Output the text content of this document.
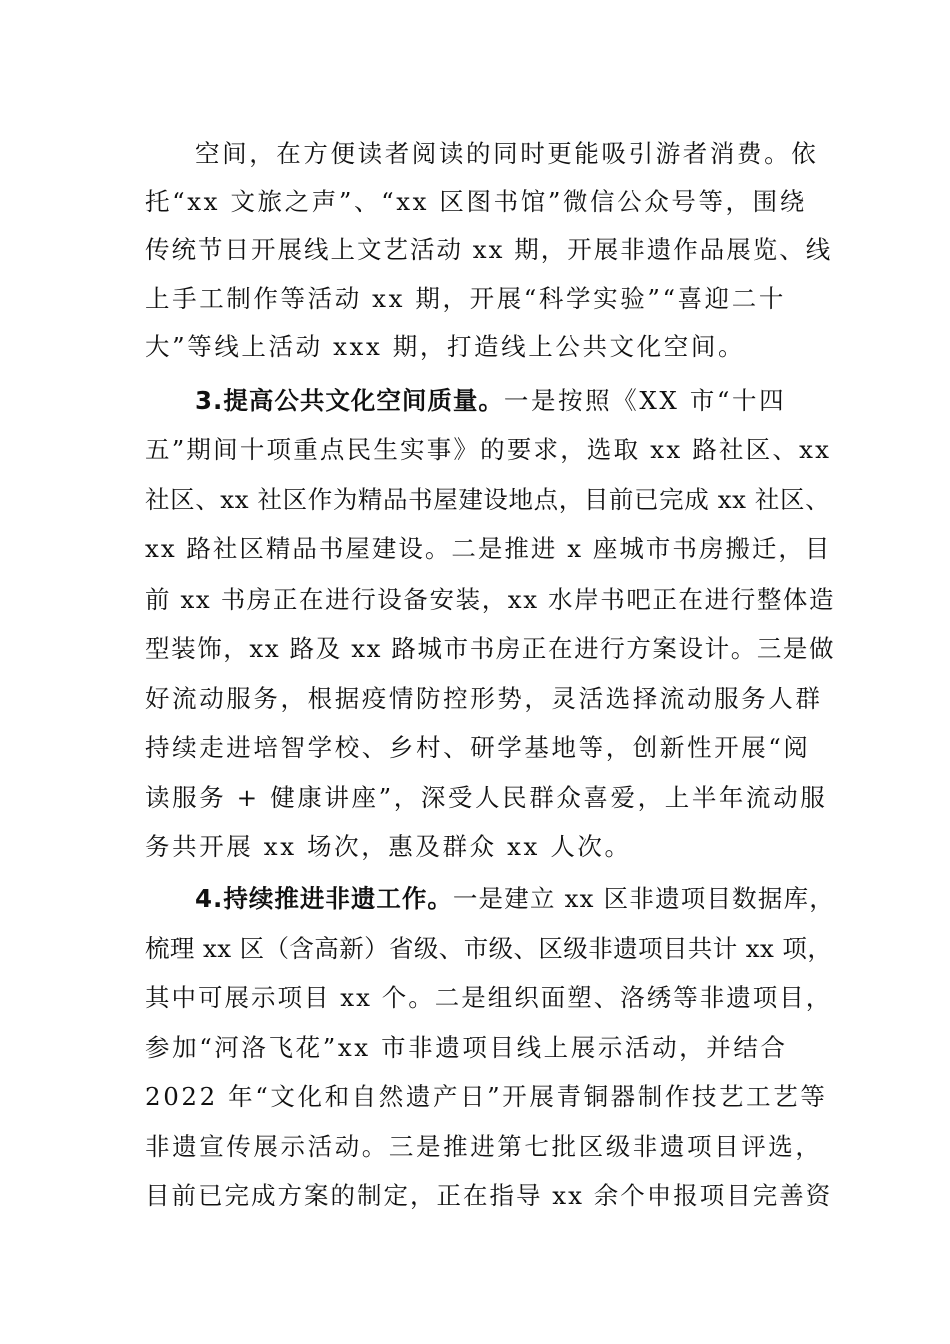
空间，在方便读者阅读的同时更能吸引游者消费。依
托“xx 文旅之声”、“xx 区图书馆”微信公众号等，围绕
传统节日开展线上文艺活动 xx 期，开展非遗作品展览、线
上手工制作等活动 xx 期，开展“科学实验”“喜迎二十
大”等线上活动 xxx 期，打造线上公共文化空间。
3.提高公共文化空间质量。一是按照《XX 市“十四
五”期间十项重点民生实事》的要求，选取 xx 路社区、xx
社区、xx 社区作为精品书屋建设地点，目前已完成 xx 社区、
xx 路社区精品书屋建设。二是推进 x 座城市书房搬迁，目
前 xx 书房正在进行设备安装，xx 水岸书吧正在进行整体造
型装饰，xx 路及 xx 路城市书房正在进行方案设计。三是做
好流动服务，根据疫情防控形势，灵活选择流动服务人群
持续走进培智学校、乡村、研学基地等，创新性开展“阅
读服务 + 健康讲座”，深受人民群众喜爱，上半年流动服
务共开展 xx 场次，惠及群众 xx 人次。
4.持续推进非遗工作。一是建立 xx 区非遗项目数据库，
梳理 xx 区（含高新）省级、市级、区级非遗项目共计 xx 项，
其中可展示项目 xx 个。二是组织面塑、洛绣等非遗项目，
参加“河洛飞花”xx 市非遗项目线上展示活动，并结合
2022 年“文化和自然遗产日”开展青铜器制作技艺工艺等
非遗宣传展示活动。三是推进第七批区级非遗项目评选，
目前已完成方案的制定，正在指导 xx 余个申报项目完善资
